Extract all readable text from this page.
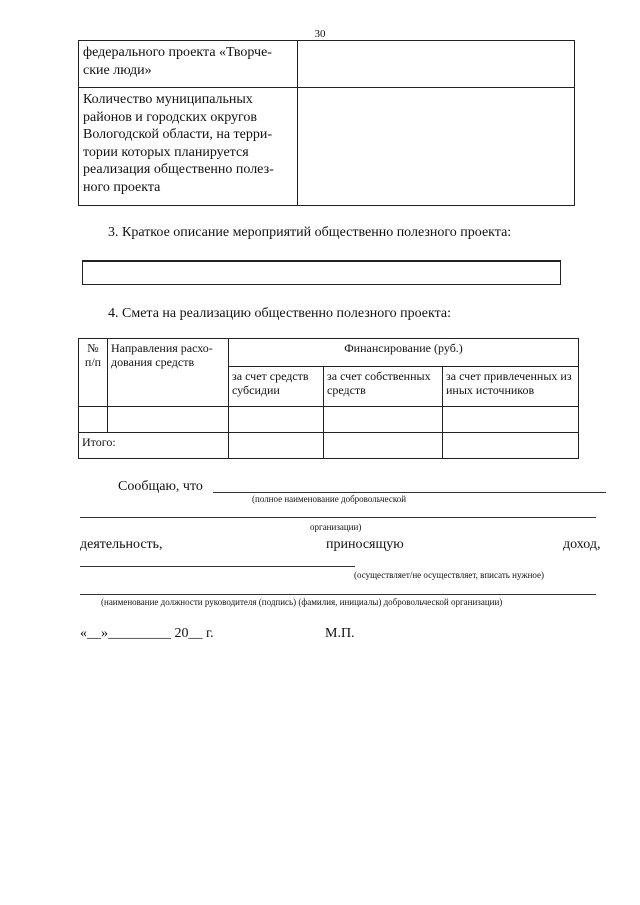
30
федерального проекта «Творче-ские люди»	
Количество муниципальных районов и городских округов Вологодской области, на терри-тории которых планируется реализация общественно полез-ного проекта	
3. Краткое описание мероприятий общественно полезного проекта:
4. Смета на реализацию общественно полезного проекта:
№ п/п	Направления расхо-дования средств	Финансирование (руб.)		
		за счет средств субсидии	за счет собственных средств	за счет привлеченных из иных источников

Итого:				
Сообщаю, что
(полное наименование добровольческой
организации)
деятельность,	приносящую	доход,
(осуществляет/не осуществляет, вписать нужное)
(наименование должности руководителя (подпись) (фамилия, инициалы) добровольческой организации)
«__»_________ 20__ г.	М.П.
